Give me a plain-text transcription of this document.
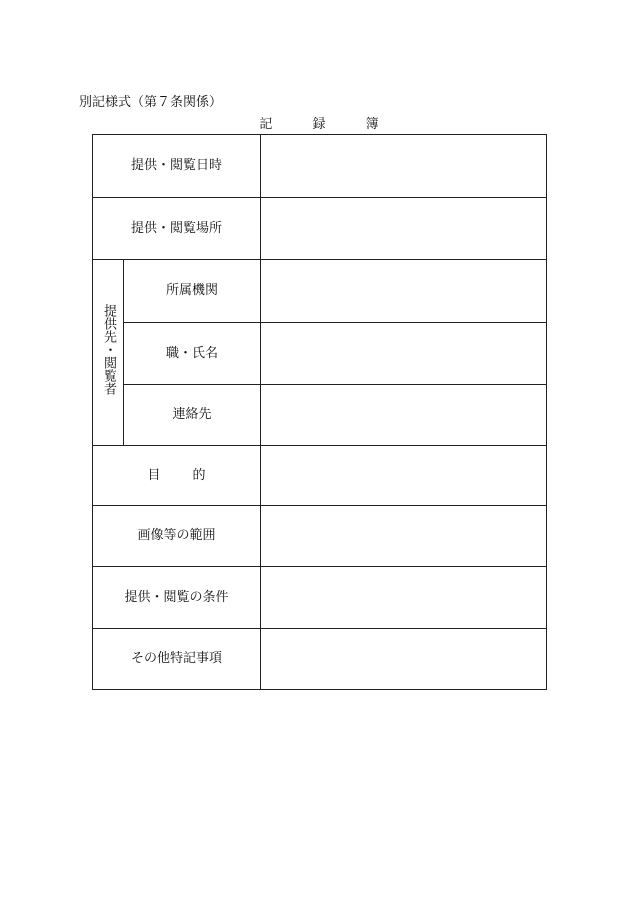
別記様式（第７条関係）
記	録	簿
提供・閲覧日時		
提供・閲覧場所		
提供先・閲覧者	所属機関	
	職・氏名	
	連絡先	
目 的		
画像等の範囲		
提供・閲覧の条件		
その他特記事項		
